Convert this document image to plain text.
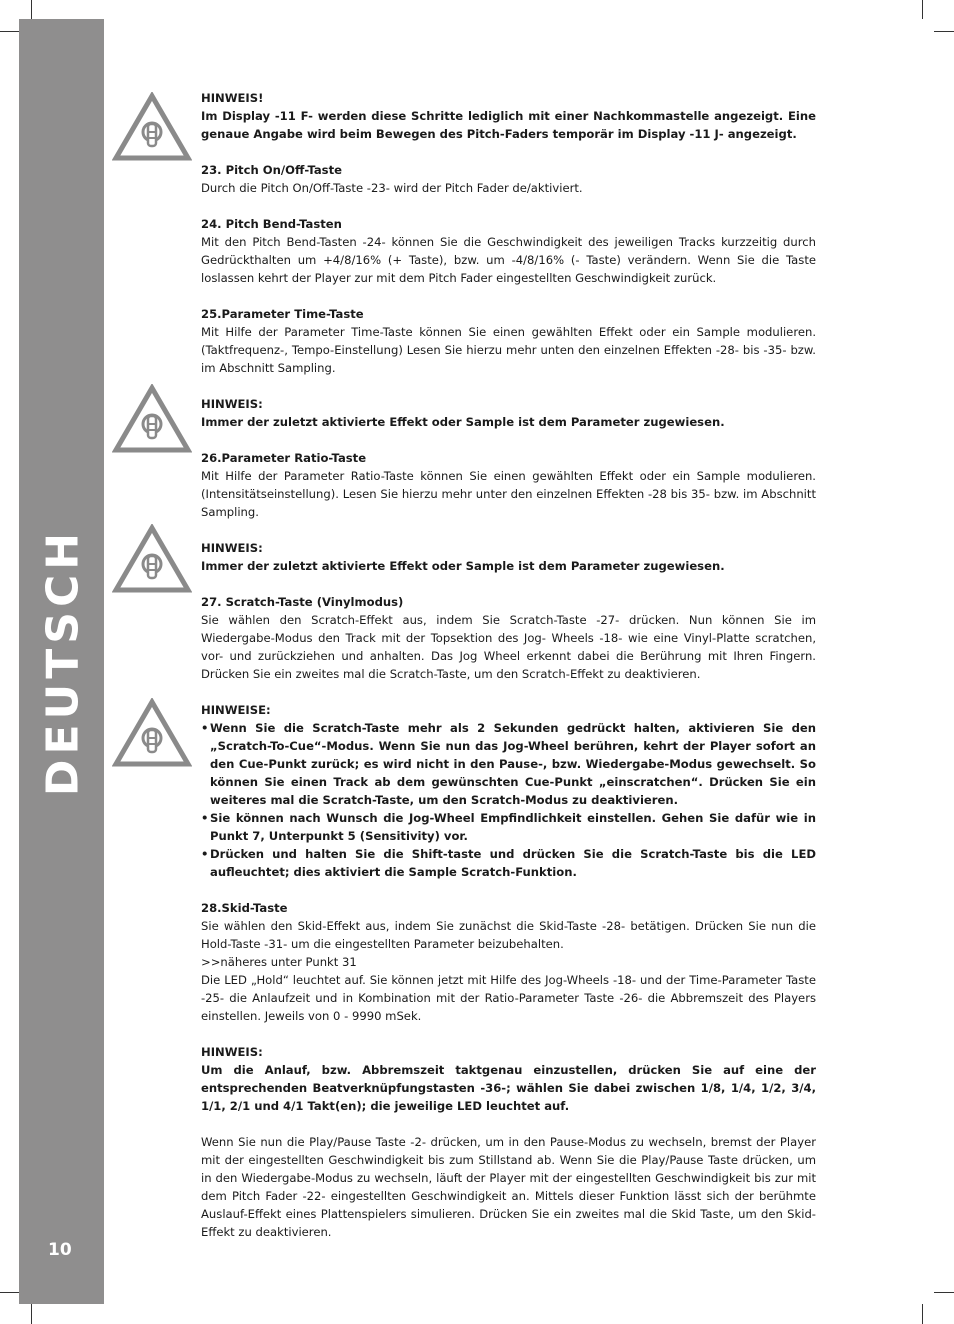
DEUTSCH
10

HINWEIS!

Im Display -11 F- werden diese Schritte lediglich mit einer Nachkommastelle angezeigt. Eine genaue Angabe wird beim Bewegen des Pitch-Faders temporär im Display -11 J- angezeigt.

23. Pitch On/Off-Taste

Durch die Pitch On/Off-Taste -23- wird der Pitch Fader de/aktiviert.

24. Pitch Bend-Tasten

Mit den Pitch Bend-Tasten -24- können Sie die Geschwindigkeit des jeweiligen Tracks kurzzeitig durch Gedrückthalten um +4/8/16% (+ Taste), bzw. um -4/8/16% (- Taste) verändern. Wenn Sie die Taste loslassen kehrt der Player zur mit dem Pitch Fader eingestellten Geschwindigkeit zurück.

25.Parameter Time-Taste

Mit Hilfe der Parameter Time-Taste können Sie einen gewählten Effekt oder ein Sample modulieren. (Taktfrequenz-, Tempo-Einstellung) Lesen Sie hierzu mehr unten den einzelnen Effekten -28- bis -35- bzw. im Abschnitt Sampling.

HINWEIS:

Immer der zuletzt aktivierte Effekt oder Sample ist dem Parameter zugewiesen.

26.Parameter Ratio-Taste

Mit Hilfe der Parameter Ratio-Taste können Sie einen gewählten Effekt oder ein Sample modulieren. (Intensitätseinstellung). Lesen Sie hierzu mehr unter den einzelnen Effekten -28 bis 35- bzw. im Abschnitt Sampling.

HINWEIS:

Immer der zuletzt aktivierte Effekt oder Sample ist dem Parameter zugewiesen.

27. Scratch-Taste (Vinylmodus)

Sie wählen den Scratch-Effekt aus, indem Sie Scratch-Taste -27- drücken. Nun können Sie im Wiedergabe-Modus den Track mit der Topsektion des Jog- Wheels -18- wie eine Vinyl-Platte scratchen, vor- und zurückziehen und anhalten. Das Jog Wheel erkennt dabei die Berührung mit Ihren Fingern. Drücken Sie ein zweites mal die Scratch-Taste, um den Scratch-Effekt zu deaktivieren.

HINWEISE:

• Wenn Sie die Scratch-Taste mehr als 2 Sekunden gedrückt halten, aktivieren Sie den „Scratch-To-Cue“-Modus. Wenn Sie nun das Jog-Wheel berühren, kehrt der Player sofort an den Cue-Punkt zurück; es wird nicht in den Pause-, bzw. Wiedergabe-Modus gewechselt. So können Sie einen Track ab dem gewünschten Cue-Punkt „einscratchen“. Drücken Sie ein weiteres mal die Scratch-Taste, um den Scratch-Modus zu deaktivieren.
• Sie können nach Wunsch die Jog-Wheel Empfindlichkeit einstellen. Gehen Sie dafür wie in Punkt 7, Unterpunkt 5 (Sensitivity) vor.
• Drücken und halten Sie die Shift-taste und drücken Sie die Scratch-Taste bis die LED aufleuchtet; dies aktiviert die Sample Scratch-Funktion.

28.Skid-Taste

Sie wählen den Skid-Effekt aus, indem Sie zunächst die Skid-Taste -28- betätigen. Drücken Sie nun die Hold-Taste -31- um die eingestellten Parameter beizubehalten.

>>näheres unter Punkt 31

Die LED „Hold“ leuchtet auf. Sie können jetzt mit Hilfe des Jog-Wheels -18- und der Time-Parameter Taste -25- die Anlaufzeit und in Kombination mit der Ratio-Parameter Taste -26- die Abbremszeit des Players einstellen. Jeweils von 0 - 9990 mSek.

HINWEIS:

Um die Anlauf, bzw. Abbremszeit taktgenau einzustellen, drücken Sie auf eine der entsprechenden Beatverknüpfungstasten -36-; wählen Sie dabei zwischen 1/8, 1/4, 1/2, 3/4, 1/1, 2/1 und 4/1 Takt(en); die jeweilige LED leuchtet auf.

Wenn Sie nun die Play/Pause Taste -2- drücken, um in den Pause-Modus zu wechseln, bremst der Player mit der eingestellten Geschwindigkeit bis zum Stillstand ab. Wenn Sie die Play/Pause Taste drücken, um in den Wiedergabe-Modus zu wechseln, läuft der Player mit der eingestellten Geschwindigkeit bis zur mit dem Pitch Fader -22- eingestellten Geschwindigkeit an. Mittels dieser Funktion lässt sich der berühmte Auslauf-Effekt eines Plattenspielers simulieren. Drücken Sie ein zweites mal die Skid Taste, um den Skid-Effekt zu deaktivieren.
